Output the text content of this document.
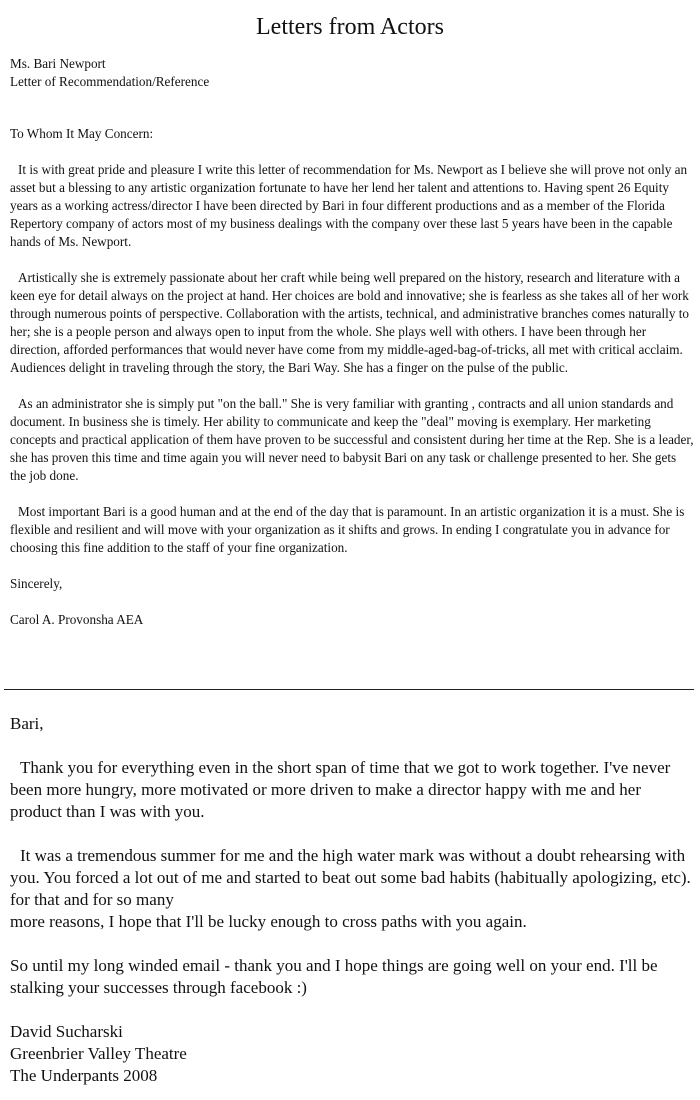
Letters from Actors

Ms. Bari Newport

Letter of Recommendation/Reference

To Whom It May Concern:

It is with great pride and pleasure I write this letter of recommendation for Ms. Newport as I believe she will prove not only an asset but a blessing to any artistic organization fortunate to have her lend her talent and attentions to. Having spent 26 Equity years as a working actress/director I have been directed by Bari in four different productions and as a member of the Florida Repertory company of actors most of my business dealings with the company over these last 5 years have been in the capable hands of Ms. Newport.

Artistically she is extremely passionate about her craft while being well prepared on the history, research and literature with a keen eye for detail always on the project at hand. Her choices are bold and innovative; she is fearless as she takes all of her work through numerous points of perspective. Collaboration with the artists, technical, and administrative branches comes naturally to her; she is a people person and always open to input from the whole. She plays well with others. I have been through her direction, afforded performances that would never have come from my middle-aged-bag-of-tricks, all met with critical acclaim. Audiences delight in traveling through the story, the Bari Way. She has a finger on the pulse of the public.

As an administrator she is simply put "on the ball." She is very familiar with granting , contracts and all union standards and document. In business she is timely. Her ability to communicate and keep the "deal" moving is exemplary. Her marketing concepts and practical application of them have proven to be successful and consistent during her time at the Rep. She is a leader, she has proven this time and time again you will never need to babysit Bari on any task or challenge presented to her. She gets the job done.

Most important Bari is a good human and at the end of the day that is paramount. In an artistic organization it is a must. She is flexible and resilient and will move with your organization as it shifts and grows. In ending I congratulate you in advance for choosing this fine addition to the staff of your fine organization.

Sincerely,

Carol A. Provonsha AEA

Bari,

Thank you for everything even in the short span of time that we got to work together. I've never been more hungry, more motivated or more driven to make a director happy with me and her product than I was with you.

It was a tremendous summer for me and the high water mark was without a doubt rehearsing with you. You forced a lot out of me and started to beat out some bad habits (habitually apologizing, etc). for that and for so many
more reasons, I hope that I'll be lucky enough to cross paths with you again.

So until my long winded email - thank you and I hope things are going well on your end. I'll be stalking your successes through facebook :)

David Sucharski

Greenbrier Valley Theatre

The Underpants 2008
